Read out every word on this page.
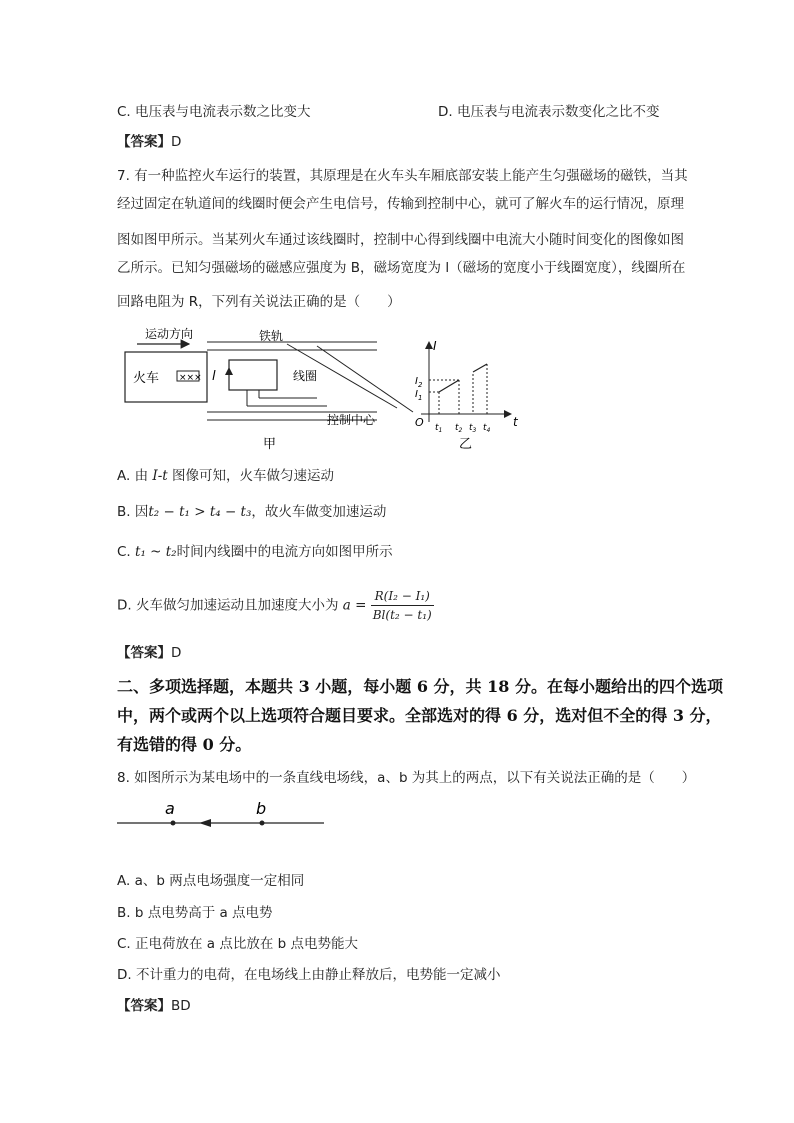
C. 电压表与电流表示数之比变大	D. 电压表与电流表示数变化之比不变
【答案】D
7. 有一种监控火车运行的装置，其原理是在火车头车厢底部安装上能产生匀强磁场的磁铁，当其
经过固定在轨道间的线圈时便会产生电信号，传输到控制中心，就可了解火车的运行情况，原理
图如图甲所示。当某列火车通过该线圈时，控制中心得到线圈中电流大小随时间变化的图像如图
乙所示。已知匀强磁场的磁感应强度为 B，磁场宽度为 l（磁场的宽度小于线圈宽度），线圈所在
回路电阻为 R，下列有关说法正确的是（　　）
运动方向	铁轨
火车 ××× l	线圈
控制中心
甲
I
t
O
$I_2$
$I_1$
$t_1$ $t_2$ $t_3$ $t_4$
乙
A. 由 I-t 图像可知，火车做匀速运动
B. 因t₂ − t₁ > t₄ − t₃，故火车做变加速运动
C. t₁ ~ t₂时间内线圈中的电流方向如图甲所示
D. 火车做匀加速运动且加速度大小为 $a = \frac{\text{R(I₂ − I₁)}}{\text{Bl(t₂ − t₁)}}$
【答案】D
二、多项选择题，本题共 3 小题，每小题 6 分，共 18 分。在每小题给出的四个选项
中，两个或两个以上选项符合题目要求。全部选对的得 6 分，选对但不全的得 3 分，
有选错的得 0 分。
8. 如图所示为某电场中的一条直线电场线，a、b 为其上的两点，以下有关说法正确的是（　　）
a	b
A. a、b 两点电场强度一定相同
B. b 点电势高于 a 点电势
C. 正电荷放在 a 点比放在 b 点电势能大
D. 不计重力的电荷，在电场线上由静止释放后，电势能一定减小
【答案】BD
